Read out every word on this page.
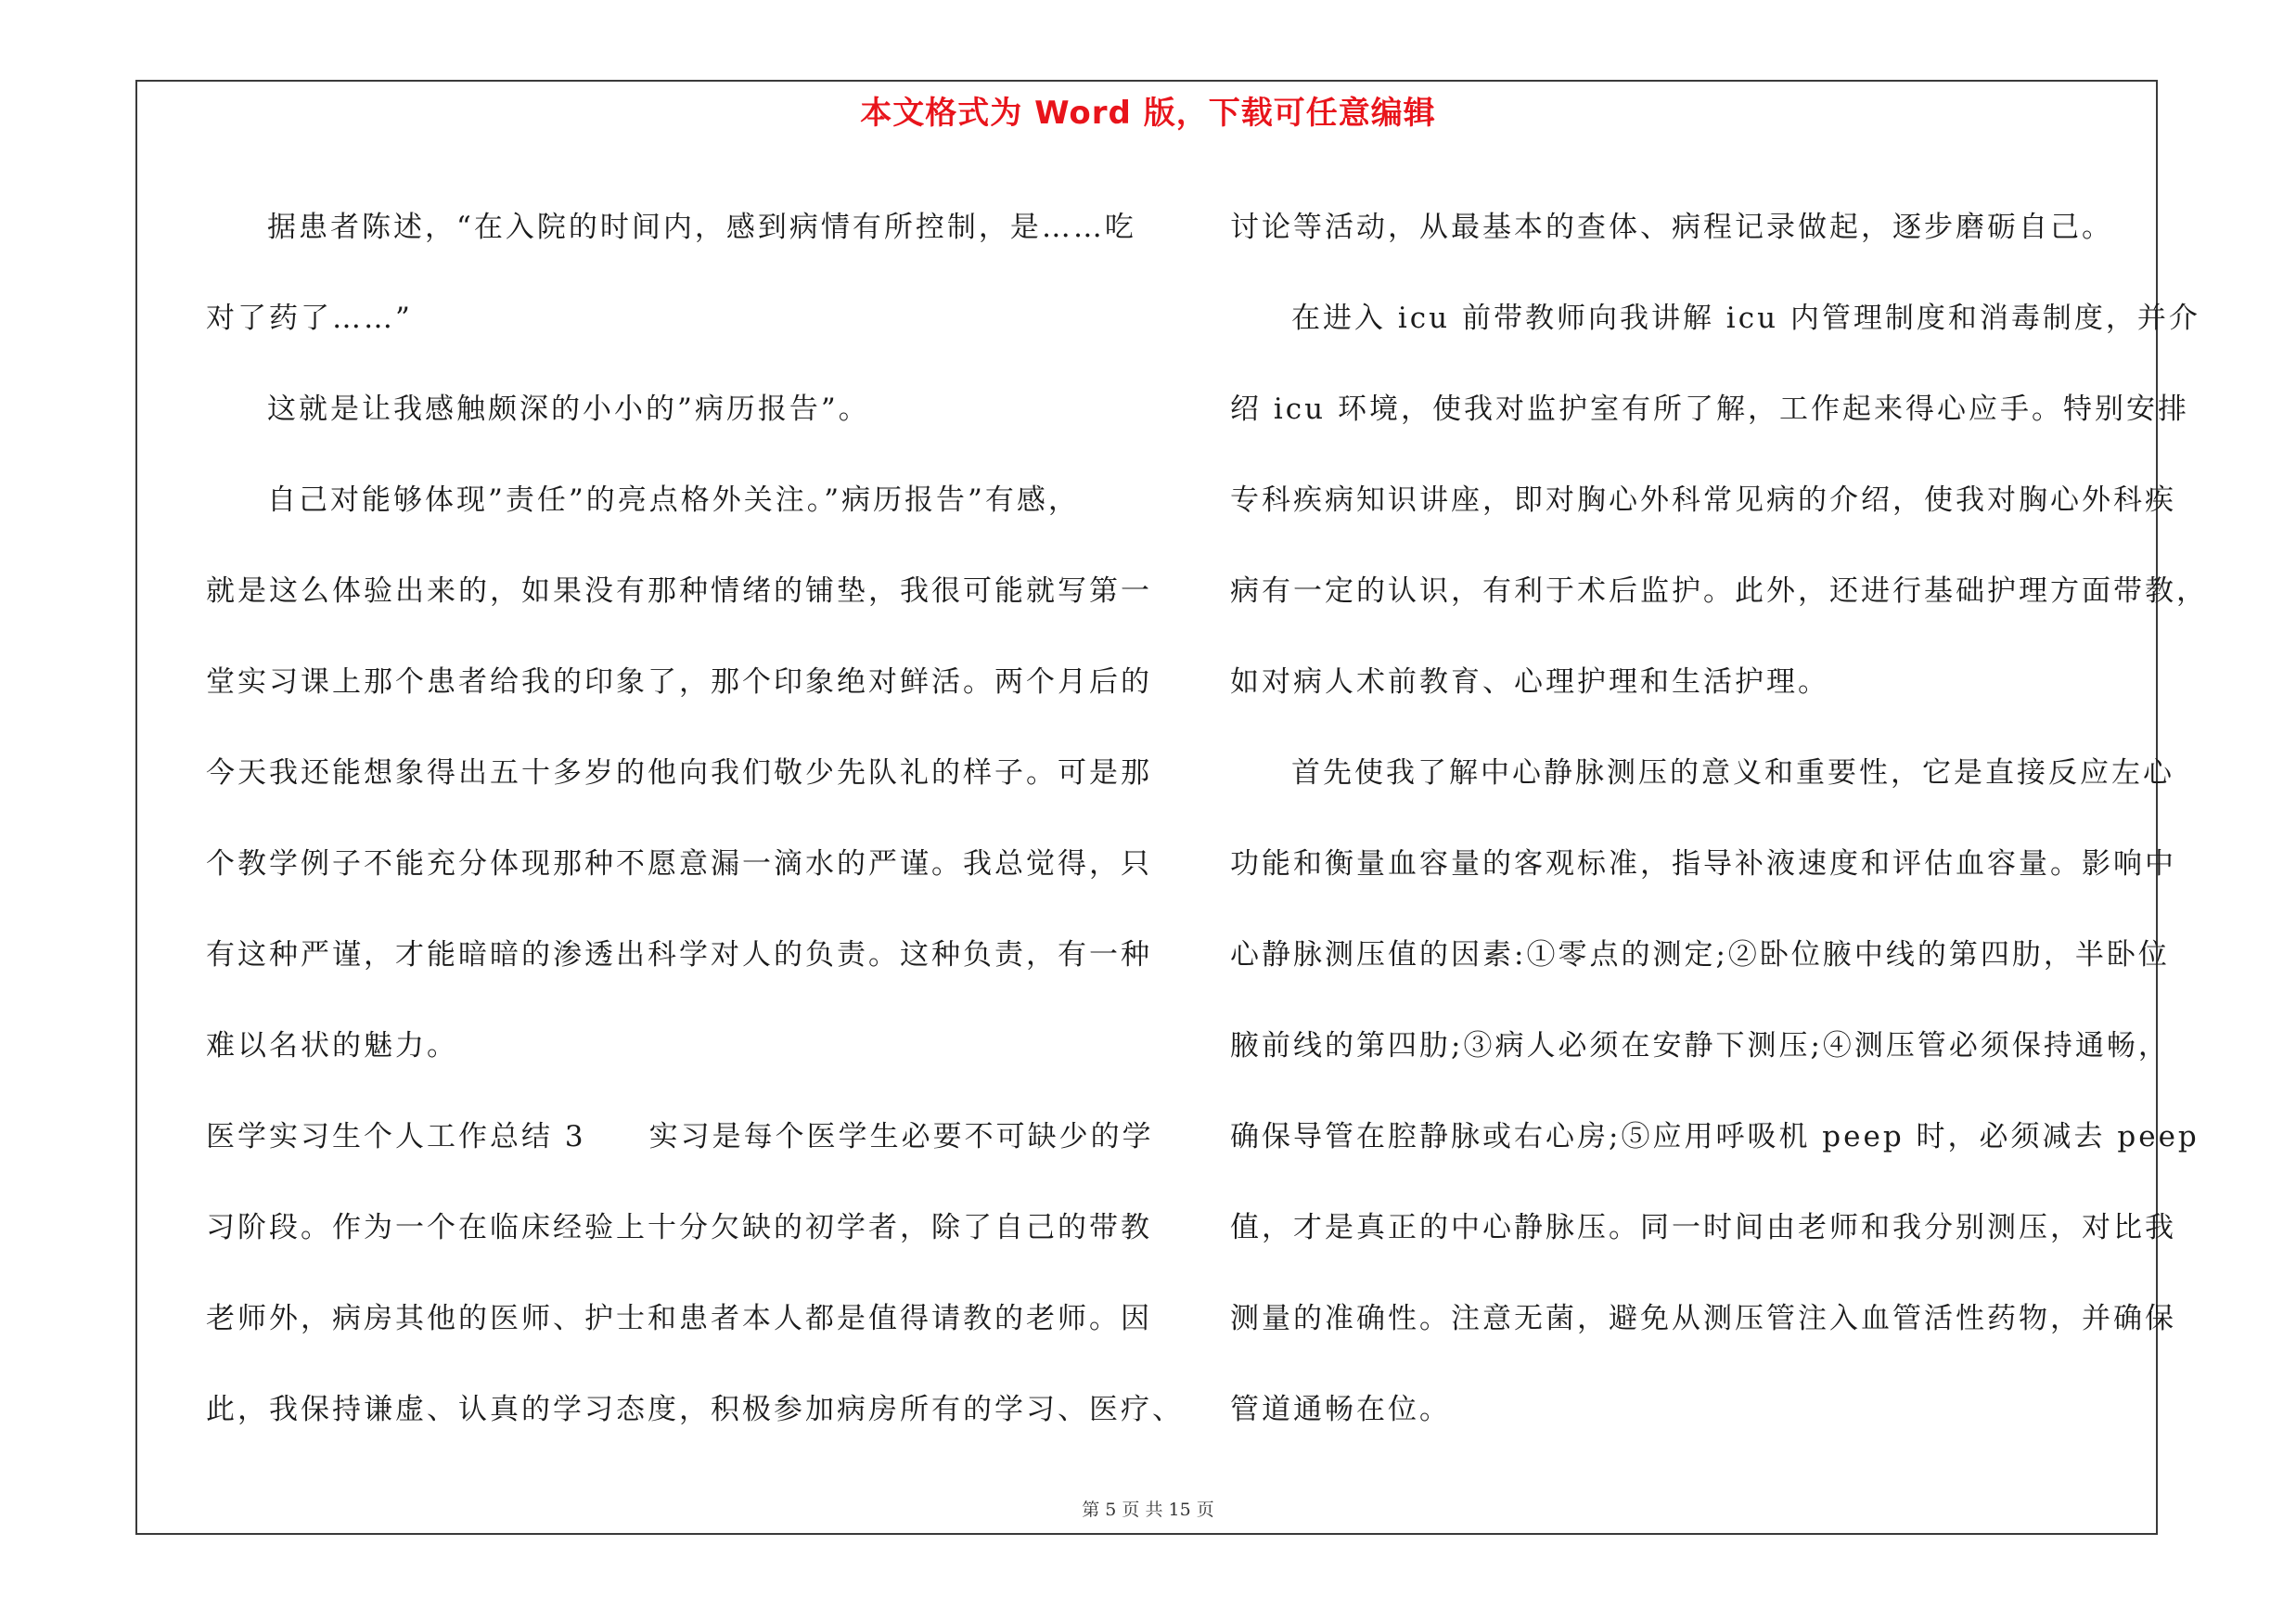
本文格式为 Word 版，下载可任意编辑
据患者陈述，“在入院的时间内，感到病情有所控制，是……吃
对了药了……”
这就是让我感触颇深的小小的”病历报告”。
自己对能够体现”责任”的亮点格外关注。”病历报告”有感，
就是这么体验出来的，如果没有那种情绪的铺垫，我很可能就写第一
堂实习课上那个患者给我的印象了，那个印象绝对鲜活。两个月后的
今天我还能想象得出五十多岁的他向我们敬少先队礼的样子。可是那
个教学例子不能充分体现那种不愿意漏一滴水的严谨。我总觉得，只
有这种严谨，才能暗暗的渗透出科学对人的负责。这种负责，有一种
难以名状的魅力。
医学实习生个人工作总结 3　　实习是每个医学生必要不可缺少的学
习阶段。作为一个在临床经验上十分欠缺的初学者，除了自己的带教
老师外，病房其他的医师、护士和患者本人都是值得请教的老师。因
此，我保持谦虚、认真的学习态度，积极参加病房所有的学习、医疗、
讨论等活动，从最基本的查体、病程记录做起，逐步磨砺自己。
在进入 icu 前带教师向我讲解 icu 内管理制度和消毒制度，并介
绍 icu 环境，使我对监护室有所了解，工作起来得心应手。特别安排
专科疾病知识讲座，即对胸心外科常见病的介绍，使我对胸心外科疾
病有一定的认识，有利于术后监护。此外，还进行基础护理方面带教，
如对病人术前教育、心理护理和生活护理。
首先使我了解中心静脉测压的意义和重要性，它是直接反应左心
功能和衡量血容量的客观标准，指导补液速度和评估血容量。影响中
心静脉测压值的因素:①零点的测定;②卧位腋中线的第四肋，半卧位
腋前线的第四肋;③病人必须在安静下测压;④测压管必须保持通畅，
确保导管在腔静脉或右心房;⑤应用呼吸机 peep 时，必须减去 peep
值，才是真正的中心静脉压。同一时间由老师和我分别测压，对比我
测量的准确性。注意无菌，避免从测压管注入血管活性药物，并确保
管道通畅在位。
第 5 页 共 15 页
